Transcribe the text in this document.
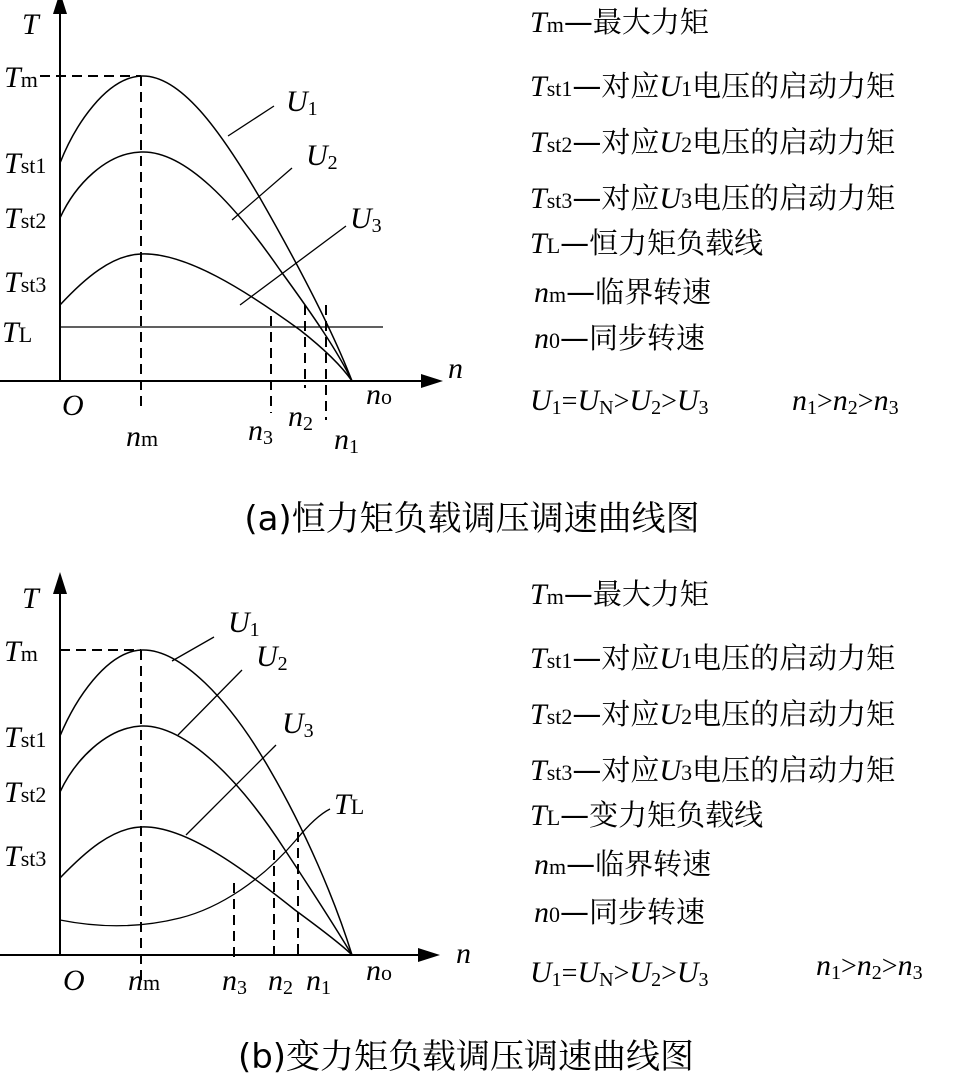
T
n
O
Tm
Tst1
Tst2
Tst3
TL
U1
U2
U3
nm	n3
n2 n1
no
Tm—最大力矩
Tst1—对应U1电压的启动力矩
Tst2—对应U2电压的启动力矩
Tst3—对应U3电压的启动力矩
TL—恒力矩负载线
nm—临界转速
n0—同步转速
U1=UN>U2>U3	n1>n2>n3
(a)恒力矩负载调压调速曲线图
T
n
O
Tm
Tst1
Tst2
Tst3
U1
U2
U3
TL
nm n3 n2 n1
no
Tm—最大力矩
Tst1—对应U1电压的启动力矩
Tst2—对应U2电压的启动力矩
Tst3—对应U3电压的启动力矩
TL—变力矩负载线
nm—临界转速
n0—同步转速
U1=UN>U2>U3	n1>n2>n3
(b)变力矩负载调压调速曲线图
